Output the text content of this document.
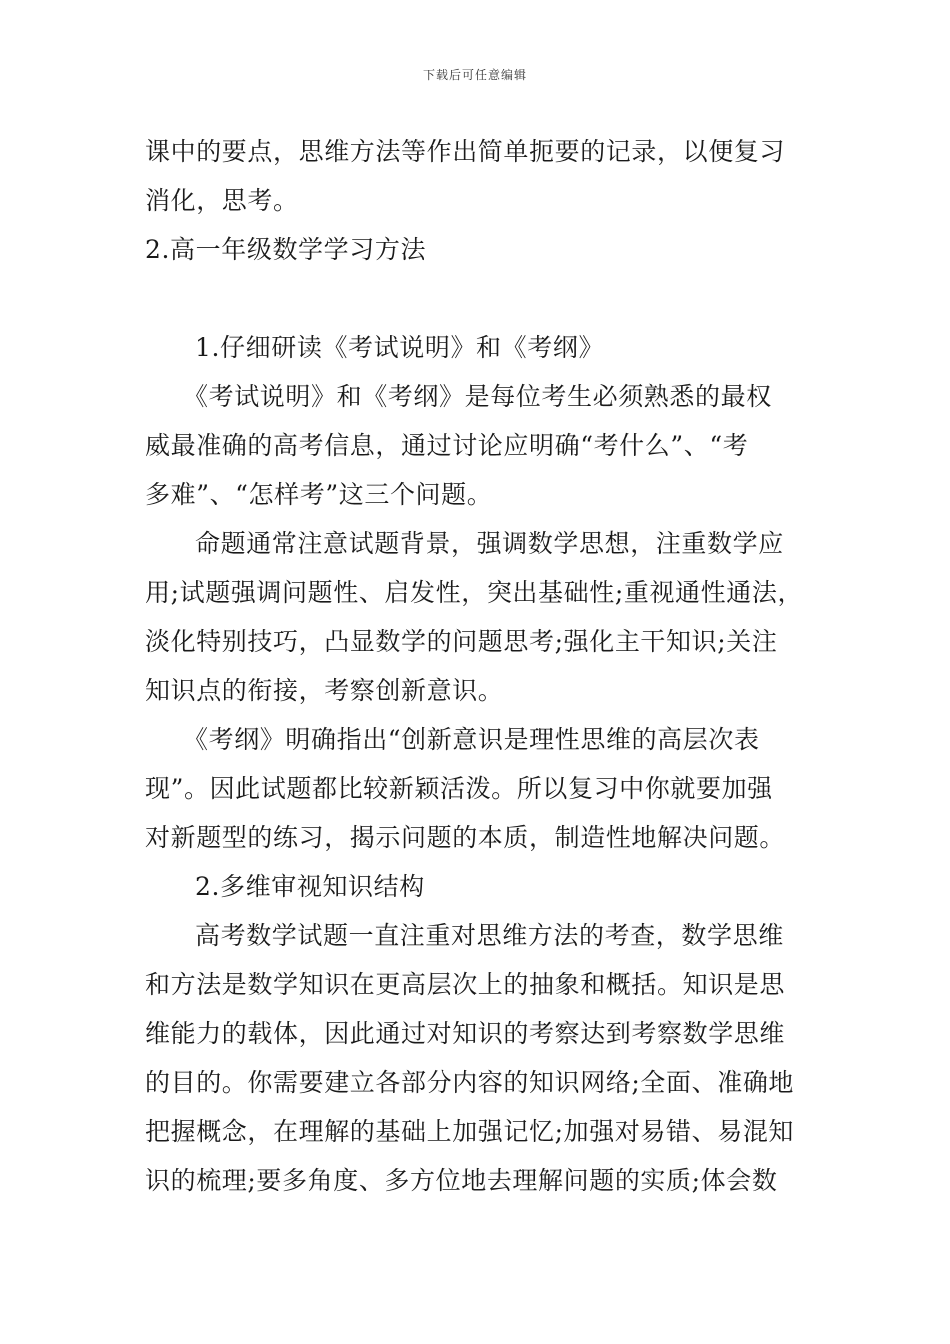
下载后可任意编辑
课中的要点，思维方法等作出简单扼要的记录，以便复习
消化，思考。
2.高一年级数学学习方法
1.仔细研读《考试说明》和《考纲》
《考试说明》和《考纲》是每位考生必须熟悉的最权
威最准确的高考信息，通过讨论应明确“考什么”、“考
多难”、“怎样考”这三个问题。
命题通常注意试题背景，强调数学思想，注重数学应
用;试题强调问题性、启发性，突出基础性;重视通性通法，
淡化特别技巧，凸显数学的问题思考;强化主干知识;关注
知识点的衔接，考察创新意识。
《考纲》明确指出“创新意识是理性思维的高层次表
现”。因此试题都比较新颖活泼。所以复习中你就要加强
对新题型的练习，揭示问题的本质，制造性地解决问题。
2.多维审视知识结构
高考数学试题一直注重对思维方法的考查，数学思维
和方法是数学知识在更高层次上的抽象和概括。知识是思
维能力的载体，因此通过对知识的考察达到考察数学思维
的目的。你需要建立各部分内容的知识网络;全面、准确地
把握概念，在理解的基础上加强记忆;加强对易错、易混知
识的梳理;要多角度、多方位地去理解问题的实质;体会数
